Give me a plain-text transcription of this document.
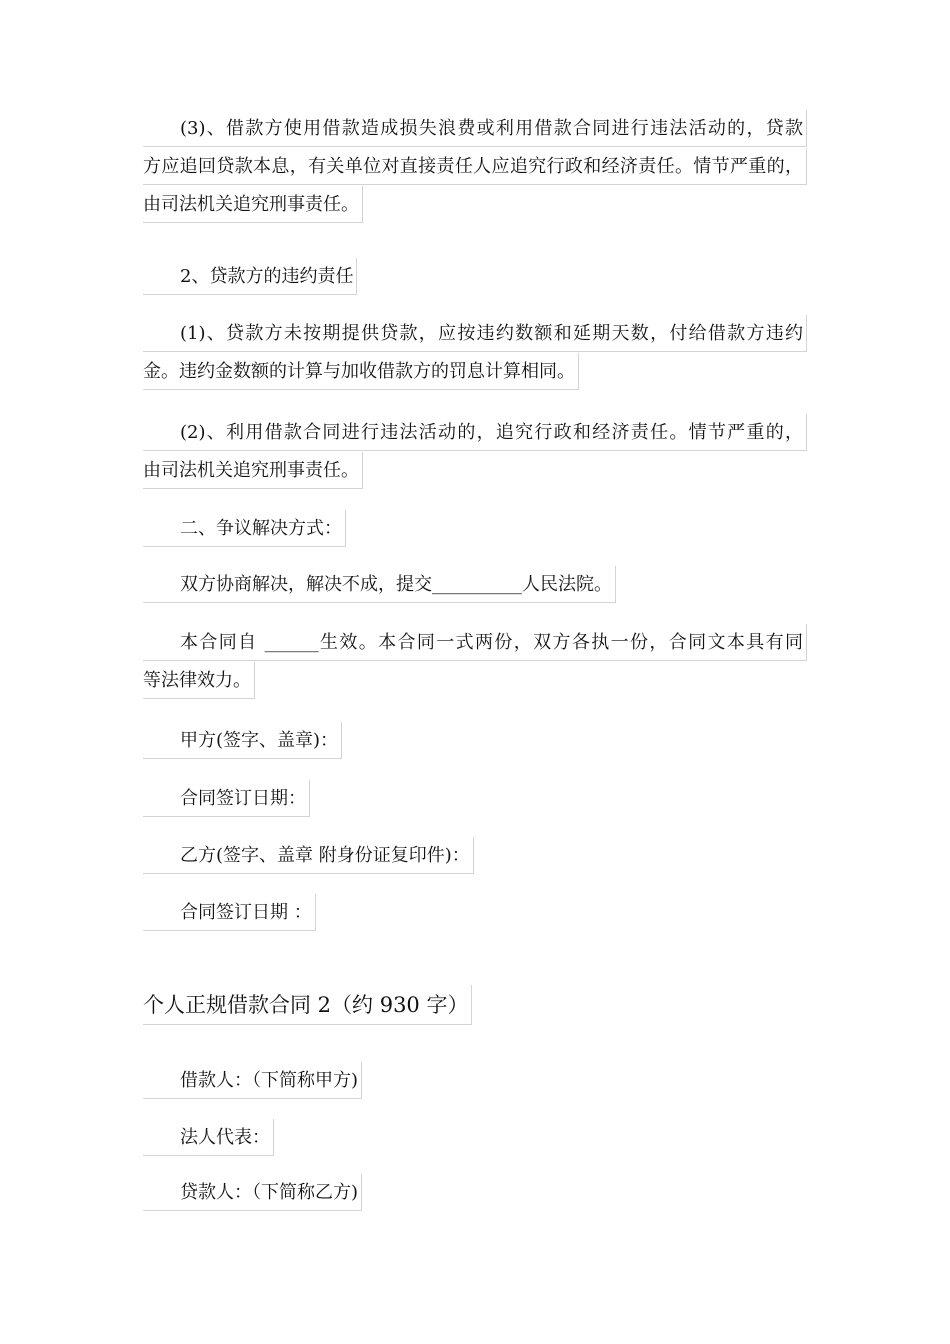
(3)、借款方使用借款造成损失浪费或利用借款合同进行违法活动的，贷款
方应追回贷款本息，有关单位对直接责任人应追究行政和经济责任。情节严重的，
由司法机关追究刑事责任。
2、贷款方的违约责任
(1)、贷款方未按期提供贷款，应按违约数额和延期天数，付给借款方违约
金。违约金数额的计算与加收借款方的罚息计算相同。
(2)、利用借款合同进行违法活动的，追究行政和经济责任。情节严重的，
由司法机关追究刑事责任。
二、争议解决方式：
双方协商解决，解决不成，提交__________人民法院。
本合同自 ______生效。本合同一式两份，双方各执一份，合同文本具有同
等法律效力。
甲方(签字、盖章)：
合同签订日期：
乙方(签字、盖章 附身份证复印件)：
合同签订日期 ：
个人正规借款合同 2（约 930 字）
借款人：（下简称甲方)
法人代表：
贷款人：（下简称乙方)
